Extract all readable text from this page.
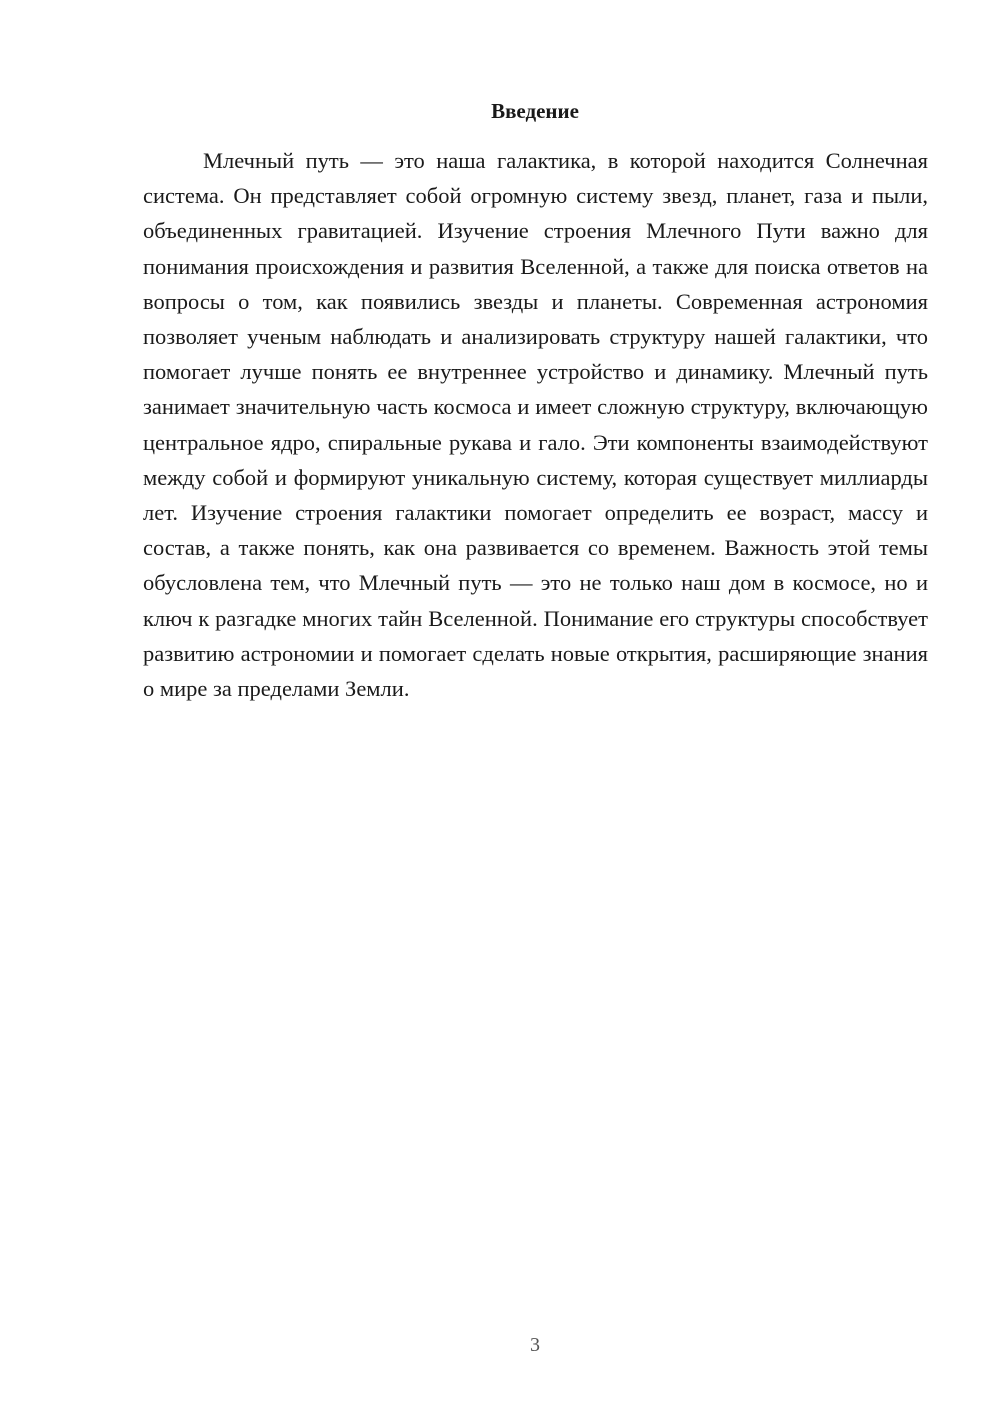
Введение

Млечный путь — это наша галактика, в которой находится Солнечная система. Он представляет собой огромную систему звезд, планет, газа и пыли, объединенных гравитацией. Изучение строения Млечного Пути важно для понимания происхождения и развития Вселенной, а также для поиска ответов на вопросы о том, как появились звезды и планеты. Современная астрономия позволяет ученым наблюдать и анализировать структуру нашей галактики, что помогает лучше понять ее внутреннее устройство и динамику. Млечный путь занимает значительную часть космоса и имеет сложную структуру, включающую центральное ядро, спиральные рукава и гало. Эти компоненты взаимодействуют между собой и формируют уникальную систему, которая существует миллиарды лет. Изучение строения галактики помогает определить ее возраст, массу и состав, а также понять, как она развивается со временем. Важность этой темы обусловлена тем, что Млечный путь — это не только наш дом в космосе, но и ключ к разгадке многих тайн Вселенной. Понимание его структуры способствует развитию астрономии и помогает сделать новые открытия, расширяющие знания о мире за пределами Земли.

3
